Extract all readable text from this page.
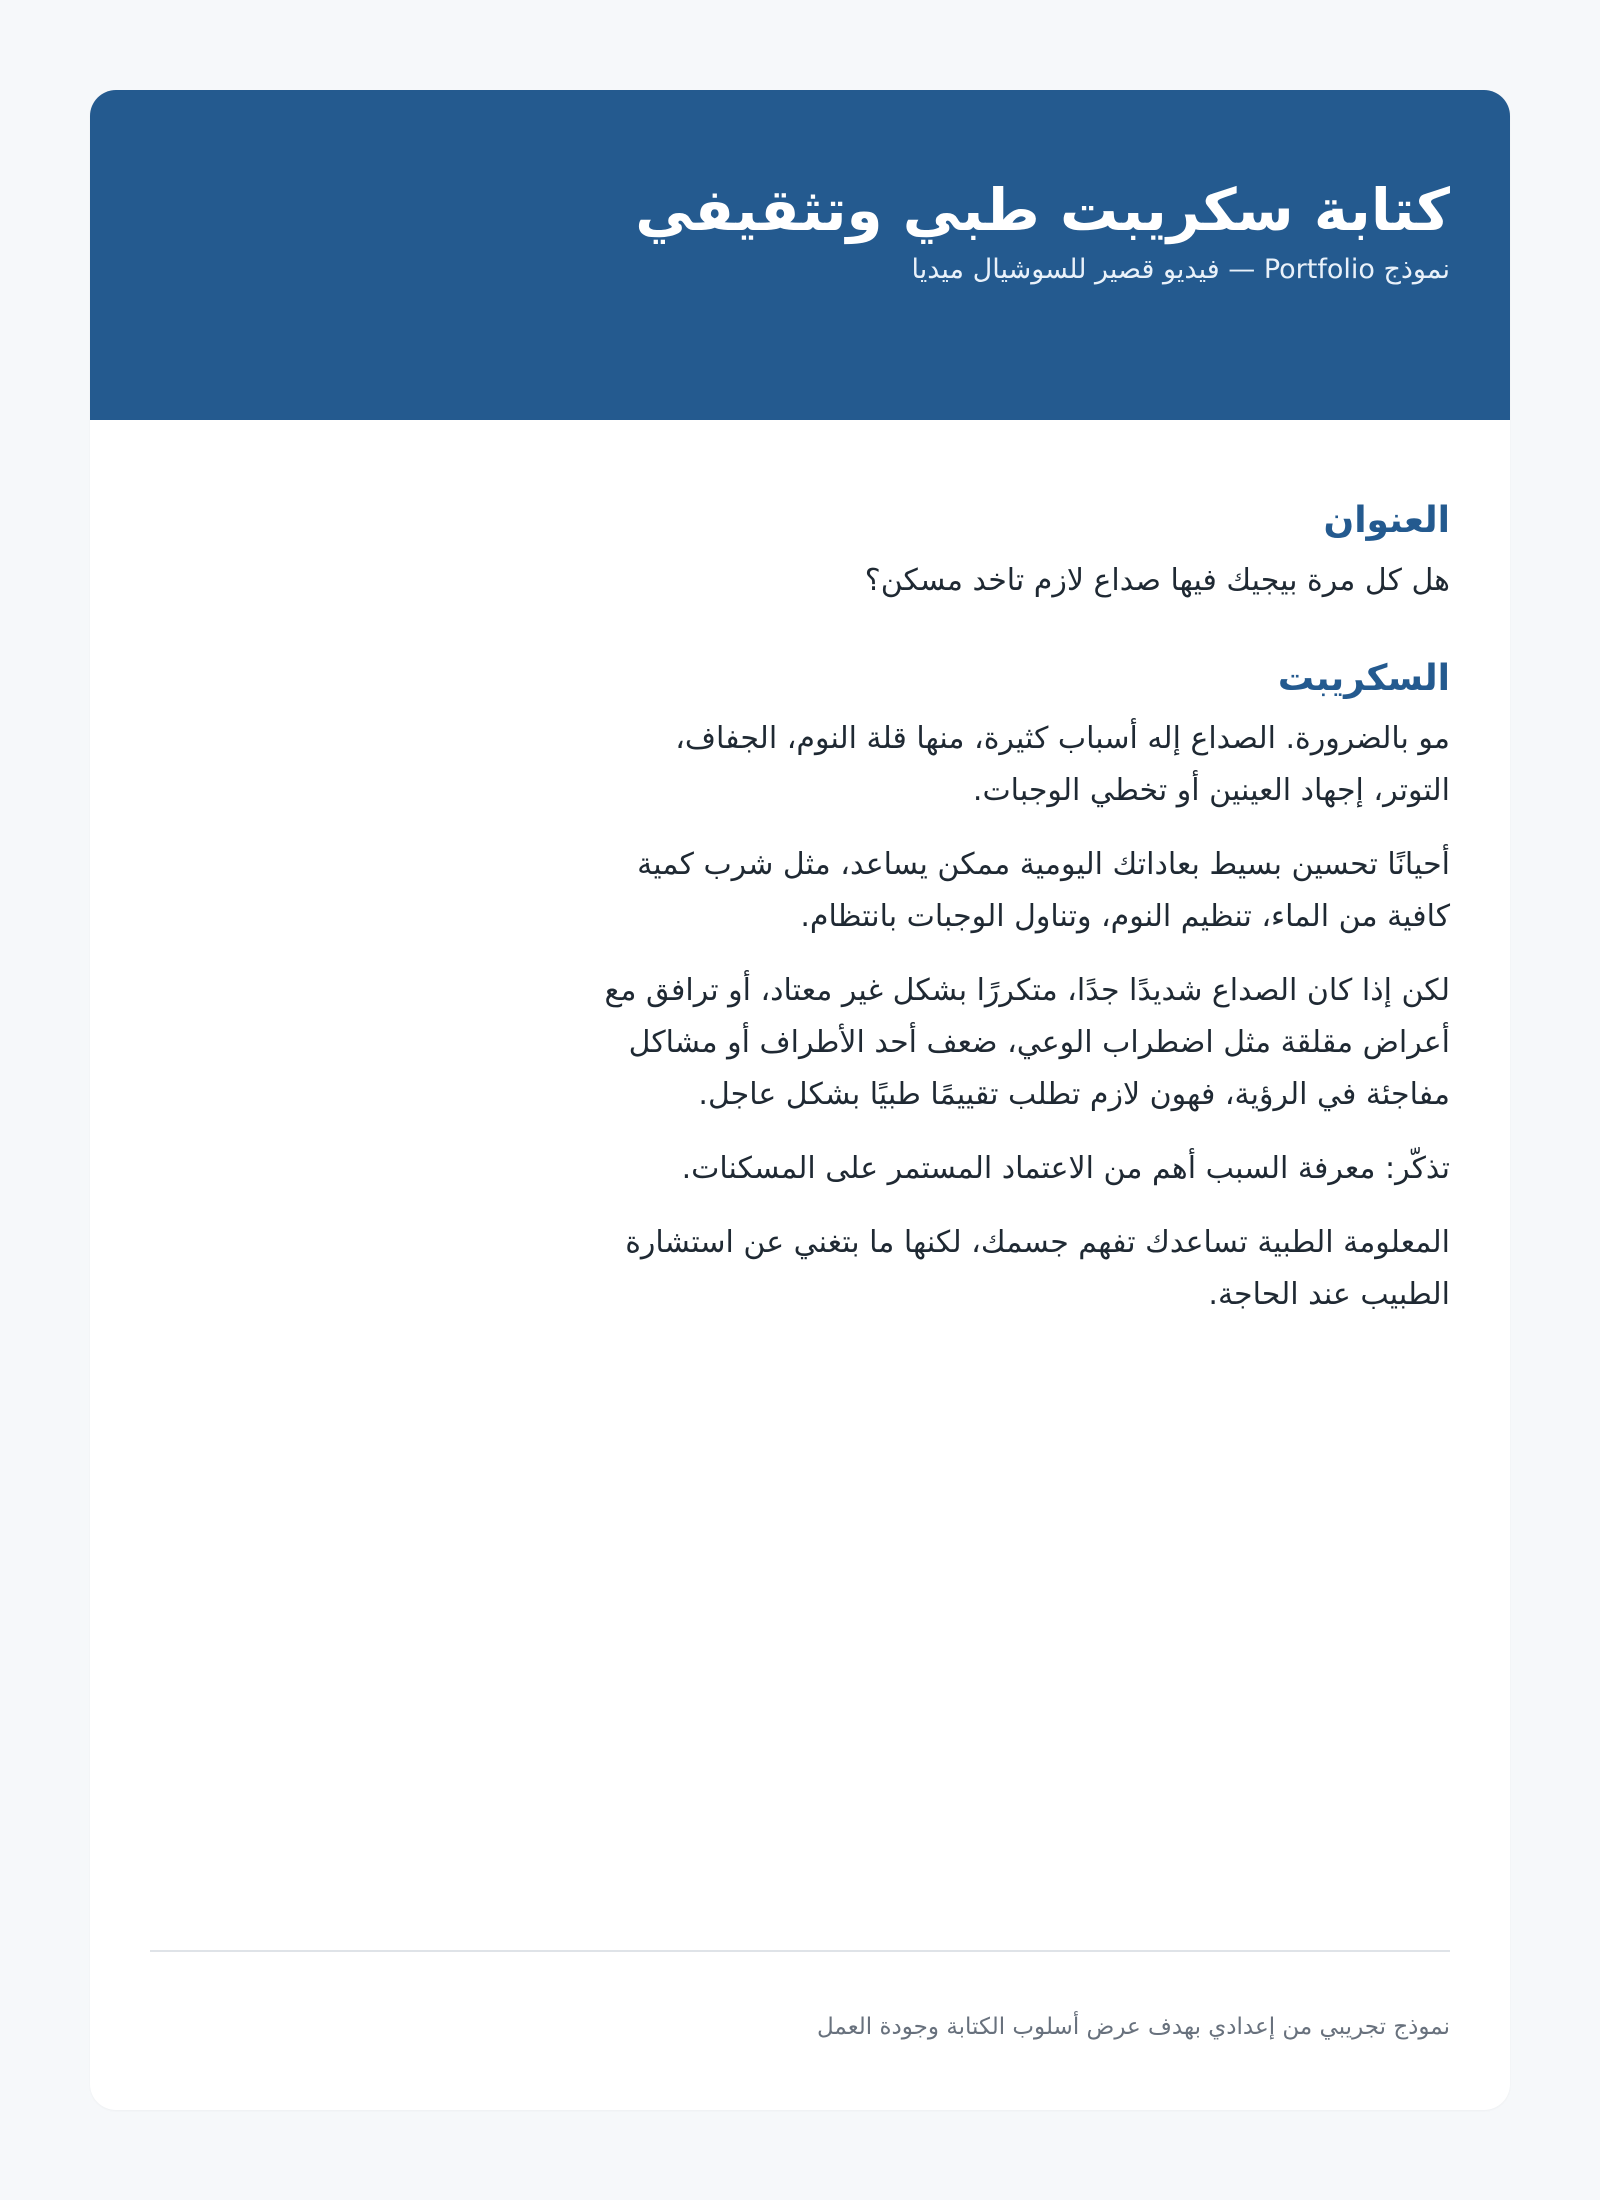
كتابة سكريبت طبي وتثقيفي

نموذج Portfolio — فيديو قصير للسوشيال ميديا

العنوان

هل كل مرة بيجيك فيها صداع لازم تاخد مسكن؟

السكريبت

مو بالضرورة. الصداع إله أسباب كثيرة، منها قلة النوم، الجفاف، التوتر، إجهاد العينين أو تخطي الوجبات.

أحيانًا تحسين بسيط بعاداتك اليومية ممكن يساعد، مثل شرب كمية كافية من الماء، تنظيم النوم، وتناول الوجبات بانتظام.

لكن إذا كان الصداع شديدًا جدًا، متكررًا بشكل غير معتاد، أو ترافق مع أعراض مقلقة مثل اضطراب الوعي، ضعف أحد الأطراف أو مشاكل مفاجئة في الرؤية، فهون لازم تطلب تقييمًا طبيًا بشكل عاجل.

تذكّر: معرفة السبب أهم من الاعتماد المستمر على المسكنات.

المعلومة الطبية تساعدك تفهم جسمك، لكنها ما بتغني عن استشارة الطبيب عند الحاجة.

نموذج تجريبي من إعدادي بهدف عرض أسلوب الكتابة وجودة العمل
